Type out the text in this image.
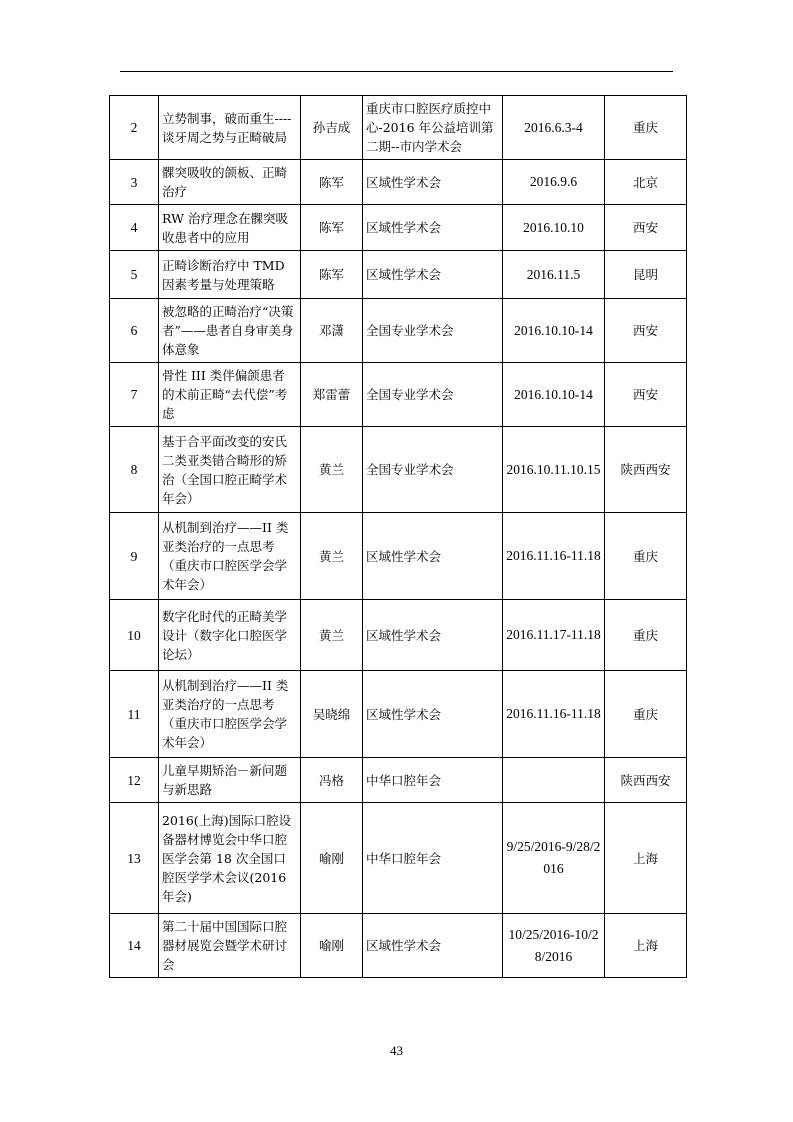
2	立势制事，破而重生----谈牙周之势与正畸破局	孙吉成	重庆市口腔医疗质控中心-2016 年公益培训第二期--市内学术会	2016.6.3-4	重庆
3	髁突吸收的颌板、正畸治疗	陈军	区域性学术会	2016.9.6	北京
4	RW 治疗理念在髁突吸收患者中的应用	陈军	区域性学术会	2016.10.10	西安
5	正畸诊断治疗中 TMD 因素考量与处理策略	陈军	区域性学术会	2016.11.5	昆明
6	被忽略的正畸治疗“决策者”——患者自身审美身体意象	邓潇	全国专业学术会	2016.10.10-14	西安
7	骨性 III 类伴偏颌患者的术前正畸“去代偿”考虑	郑雷蕾	全国专业学术会	2016.10.10-14	西安
8	基于合平面改变的安氏二类亚类错合畸形的矫治（全国口腔正畸学术年会）	黄兰	全国专业学术会	2016.10.11.10.15	陕西西安
9	从机制到治疗——II 类亚类治疗的一点思考（重庆市口腔医学会学术年会）	黄兰	区域性学术会	2016.11.16-11.18	重庆
10	数字化时代的正畸美学设计（数字化口腔医学论坛）	黄兰	区域性学术会	2016.11.17-11.18	重庆
11	从机制到治疗——II 类亚类治疗的一点思考（重庆市口腔医学会学术年会）	吴晓绵	区域性学术会	2016.11.16-11.18	重庆
12	儿童早期矫治－新问题与新思路	冯格	中华口腔年会		陕西西安
13	2016(上海)国际口腔设备器材博览会中华口腔医学会第 18 次全国口腔医学学术会议(2016 年会)	喻刚	中华口腔年会	9/25/2016-9/28/2016	上海
14	第二十届中国国际口腔器材展览会暨学术研讨会	喻刚	区域性学术会	10/25/2016-10/28/2016	上海
43
